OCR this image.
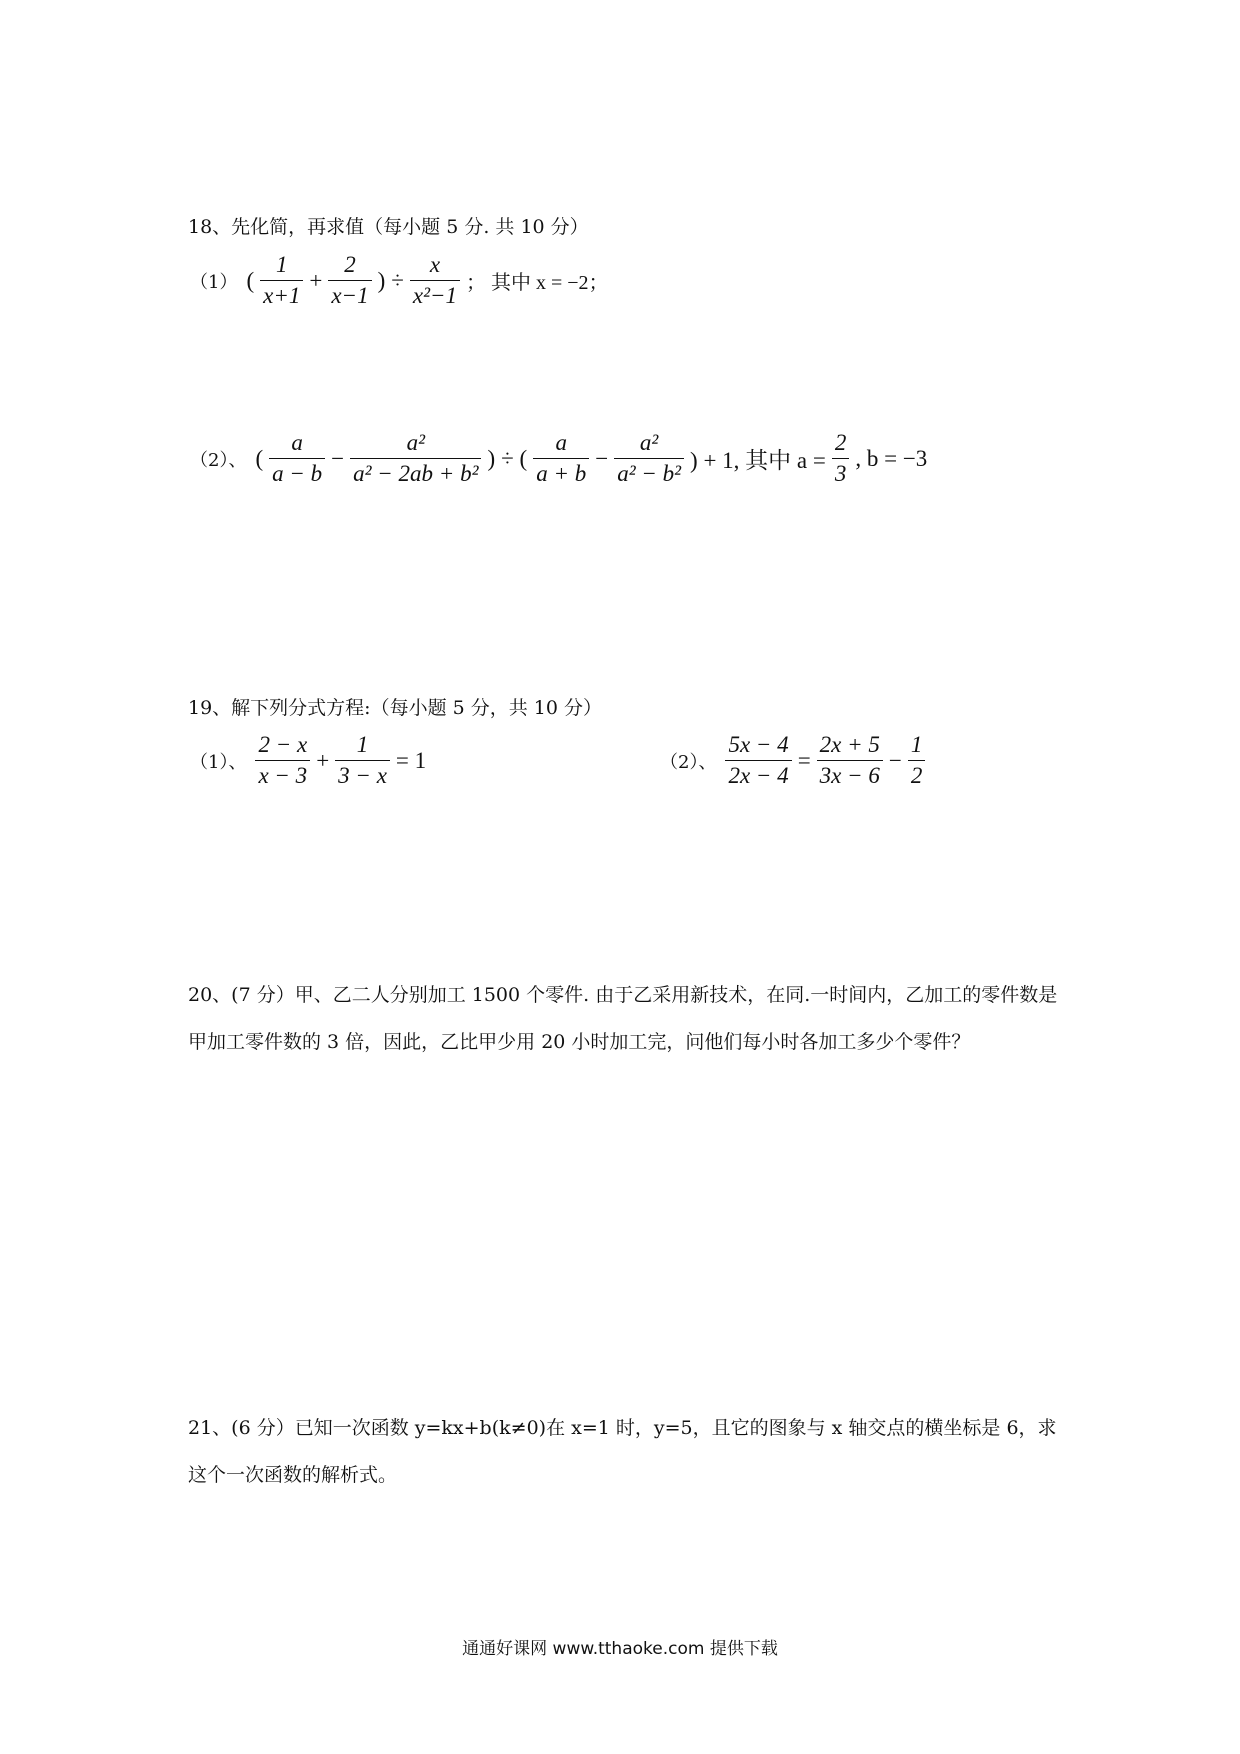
18、先化简，再求值（每小题 5 分. 共 10 分）
（1） ( $\frac{1}{x+1} + \frac{2}{x-1}$ ) ÷ $\frac{x}{\text{x²−1}}$ ； 其中 x = −2；
（2）、 ( $\frac{a}{a - b} - \frac{\text{a²}}{\text{a² − 2ab + b²}}$ ) ÷ ( $\frac{a}{a + b} - \frac{\text{a²}}{\text{a² − b²}}$ ) + 1, 其中 $a = \frac{2}{3}$ , b = −3
19、解下列分式方程:（每小题 5 分，共 10 分）
（1）、 $\frac{2 - x}{x - 3} + \frac{1}{3 - x} = 1$	（2）、 $\frac{5x - 4}{2x - 4} = \frac{2x + 5}{3x - 6} - \frac{1}{2}$
20、(7 分）甲、乙二人分别加工 1500 个零件. 由于乙采用新技术，在同.一时间内，乙加工的零件数是甲加工零件数的 3 倍，因此，乙比甲少用 20 小时加工完，问他们每小时各加工多少个零件？
21、(6 分）已知一次函数 y=kx+b(k≠0)在 x=1 时，y=5，且它的图象与 x 轴交点的横坐标是 6，求这个一次函数的解析式。
通通好课网 www.tthaoke.com 提供下载
